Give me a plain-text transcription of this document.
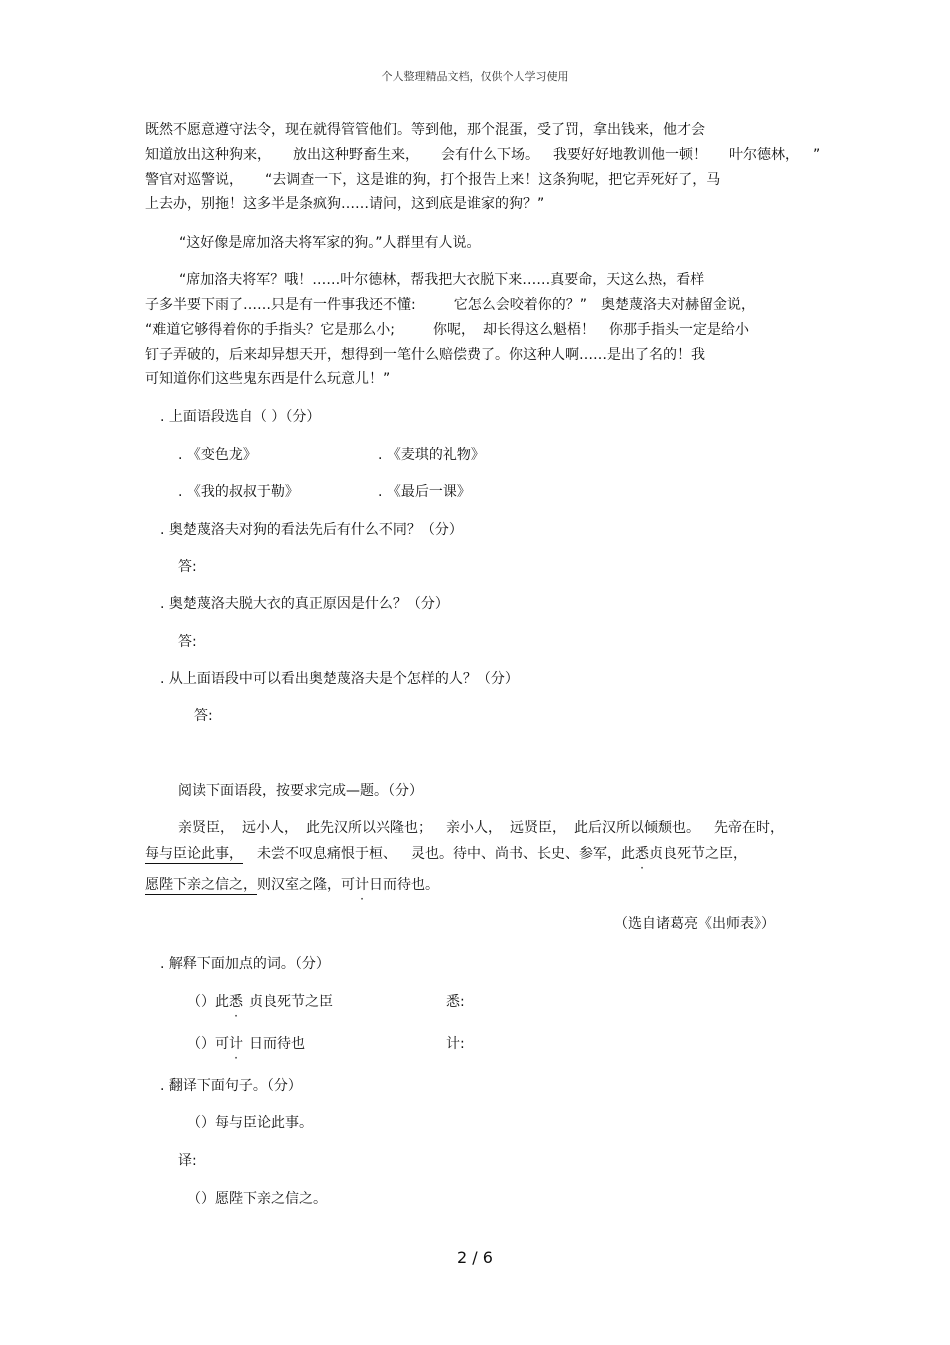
个人整理精品文档，仅供个人学习使用
既然不愿意遵守法令，现在就得管管他们。等到他，那个混蛋，受了罚，拿出钱来，他才会
知道放出这种狗来， 放出这种野畜生来， 会有什么下场。 我要好好地教训他一顿！ 叶尔德林， ”
警官对巡警说， “去调查一下，这是谁的狗，打个报告上来！这条狗呢，把它弄死好了，马
上去办，别拖！这多半是条疯狗……请问，这到底是谁家的狗？”
“这好像是席加洛夫将军家的狗。”人群里有人说。
“席加洛夫将军？哦！……叶尔德林，帮我把大衣脱下来……真要命，天这么热，看样
子多半要下雨了……只是有一件事我还不懂:	它怎么会咬着你的？” 奥楚蔑洛夫对赫留金说，
“难道它够得着你的手指头？它是那么小;	你呢， 却长得这么魁梧！ 你那手指头一定是给小
钉子弄破的，后来却异想天开，想得到一笔什么赔偿费了。你这种人啊……是出了名的！我
可知道你们这些鬼东西是什么玩意儿！”
. 上面语段选自（ ）（分）
. 《变色龙》	. 《麦琪的礼物》
. 《我的叔叔于勒》	. 《最后一课》
. 奥楚蔑洛夫对狗的看法先后有什么不同？（分）
答:
. 奥楚蔑洛夫脱大衣的真正原因是什么？（分）
答:
. 从上面语段中可以看出奥楚蔑洛夫是个怎样的人？（分）
答:
阅读下面语段，按要求完成—题。（分）
亲贤臣， 远小人， 此先汉所以兴隆也； 亲小人， 远贤臣， 此后汉所以倾颓也。 先帝在时，
每与臣论此事， 未尝不叹息痛恨于桓、 灵也。待中、尚书、长史、参军，此悉贞良死节之臣，
愿陛下亲之信之，则汉室之隆，可计日而待也。
（选自诸葛亮《出师表》）
. 解释下面加点的词。（分）
（）此悉 贞良死节之臣	悉:
（）可计 日而待也	计:
. 翻译下面句子。（分）
（）每与臣论此事。
译:
（）愿陛下亲之信之。
2 / 6
